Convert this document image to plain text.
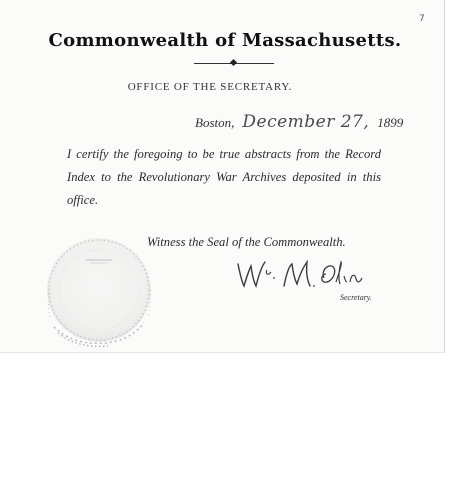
7
Commonwealth of Massachusetts.
OFFICE OF THE SECRETARY.
Boston, December 27, 1899
I certify the foregoing to be true abstracts from the Record Index to the Revolutionary War Archives deposited in this office.
Witness the Seal of the Commonwealth.
Secretary.
